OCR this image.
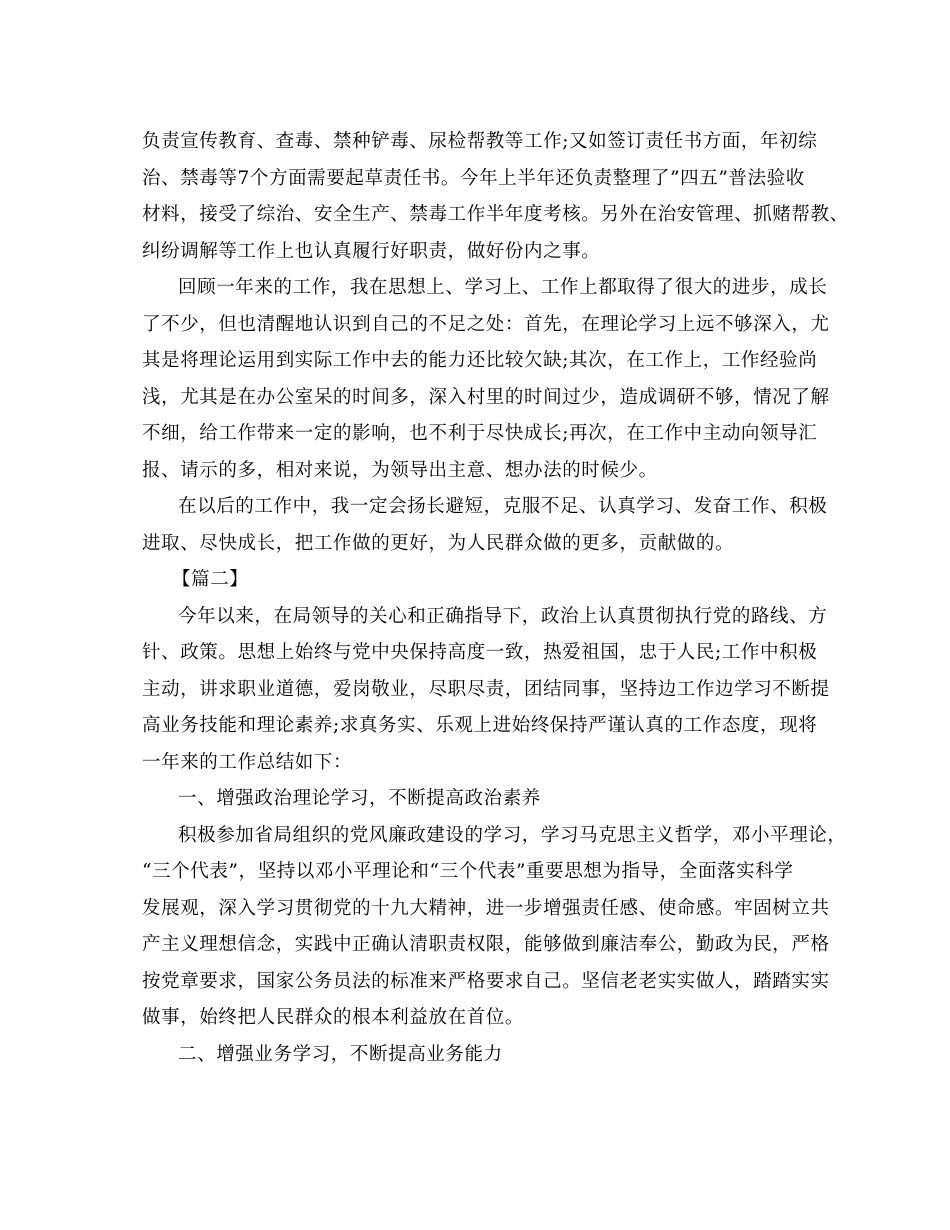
负责宣传教育、查毒、禁种铲毒、尿检帮教等工作;又如签订责任书方面，年初综
治、禁毒等7个方面需要起草责任书。今年上半年还负责整理了”四五”普法验收
材料，接受了综治、安全生产、禁毒工作半年度考核。另外在治安管理、抓赌帮教、
纠纷调解等工作上也认真履行好职责，做好份内之事。
回顾一年来的工作，我在思想上、学习上、工作上都取得了很大的进步，成长
了不少，但也清醒地认识到自己的不足之处：首先，在理论学习上远不够深入，尤
其是将理论运用到实际工作中去的能力还比较欠缺;其次，在工作上，工作经验尚
浅，尤其是在办公室呆的时间多，深入村里的时间过少，造成调研不够，情况了解
不细，给工作带来一定的影响，也不利于尽快成长;再次，在工作中主动向领导汇
报、请示的多，相对来说，为领导出主意、想办法的时候少。
在以后的工作中，我一定会扬长避短，克服不足、认真学习、发奋工作、积极
进取、尽快成长，把工作做的更好，为人民群众做的更多，贡献做的。
【篇二】
今年以来，在局领导的关心和正确指导下，政治上认真贯彻执行党的路线、方
针、政策。思想上始终与党中央保持高度一致，热爱祖国，忠于人民;工作中积极
主动，讲求职业道德，爱岗敬业，尽职尽责，团结同事，坚持边工作边学习不断提
高业务技能和理论素养;求真务实、乐观上进始终保持严谨认真的工作态度，现将
一年来的工作总结如下：
一、增强政治理论学习，不断提高政治素养
积极参加省局组织的党风廉政建设的学习，学习马克思主义哲学，邓小平理论，
“三个代表”，坚持以邓小平理论和“三个代表”重要思想为指导，全面落实科学
发展观，深入学习贯彻党的十九大精神，进一步增强责任感、使命感。牢固树立共
产主义理想信念，实践中正确认清职责权限，能够做到廉洁奉公，勤政为民，严格
按党章要求，国家公务员法的标准来严格要求自己。坚信老老实实做人，踏踏实实
做事，始终把人民群众的根本利益放在首位。
二、增强业务学习，不断提高业务能力
